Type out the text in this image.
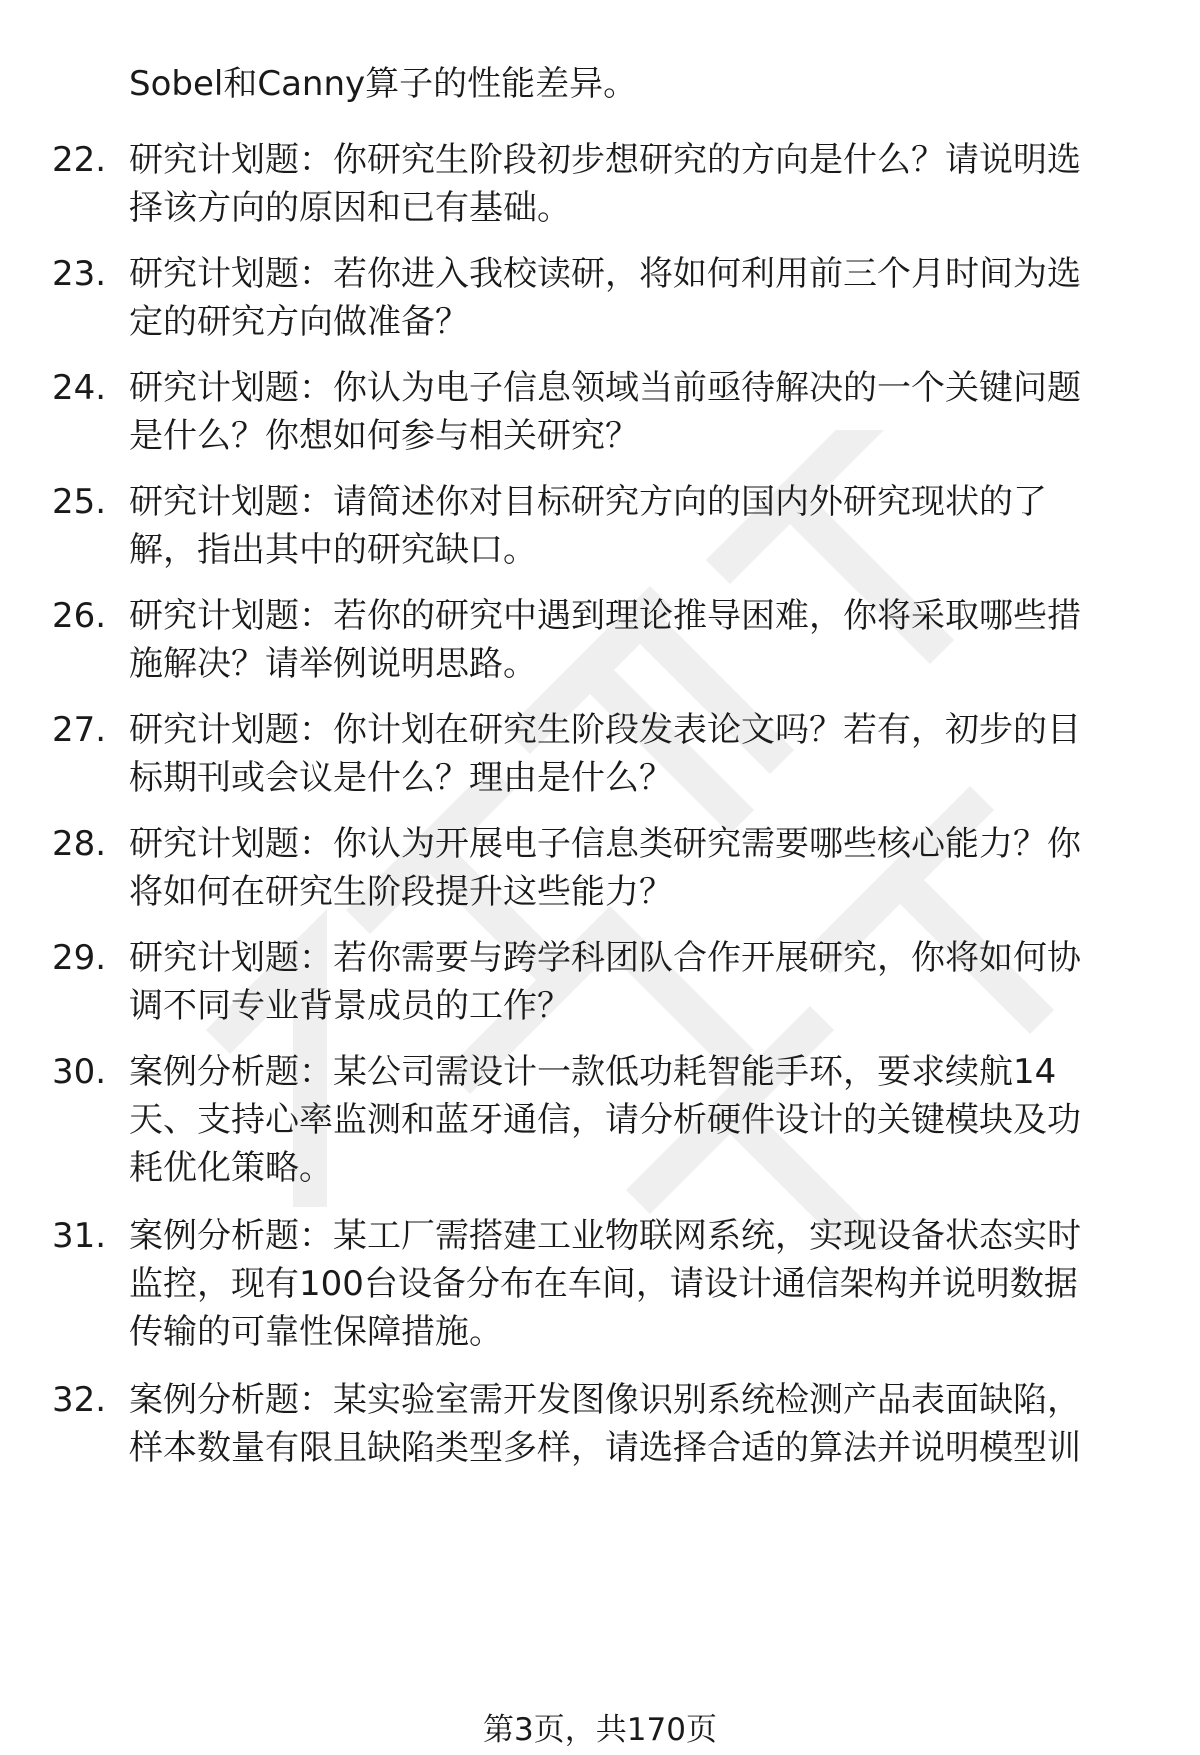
Sobel和Canny算子的性能差异。
22. 研究计划题：你研究生阶段初步想研究的方向是什么？请说明选
择该方向的原因和已有基础。
23. 研究计划题：若你进入我校读研，将如何利用前三个月时间为选
定的研究方向做准备？
24. 研究计划题：你认为电子信息领域当前亟待解决的一个关键问题
是什么？你想如何参与相关研究？
25. 研究计划题：请简述你对目标研究方向的国内外研究现状的了
解，指出其中的研究缺口。
26. 研究计划题：若你的研究中遇到理论推导困难，你将采取哪些措
施解决？请举例说明思路。
27. 研究计划题：你计划在研究生阶段发表论文吗？若有，初步的目
标期刊或会议是什么？理由是什么？
28. 研究计划题：你认为开展电子信息类研究需要哪些核心能力？你
将如何在研究生阶段提升这些能力？
29. 研究计划题：若你需要与跨学科团队合作开展研究，你将如何协
调不同专业背景成员的工作？
30. 案例分析题：某公司需设计一款低功耗智能手环，要求续航14
天、支持心率监测和蓝牙通信，请分析硬件设计的关键模块及功
耗优化策略。
31. 案例分析题：某工厂需搭建工业物联网系统，实现设备状态实时
监控，现有100台设备分布在车间，请设计通信架构并说明数据
传输的可靠性保障措施。
32. 案例分析题：某实验室需开发图像识别系统检测产品表面缺陷，
样本数量有限且缺陷类型多样，请选择合适的算法并说明模型训
第3页，共170页
